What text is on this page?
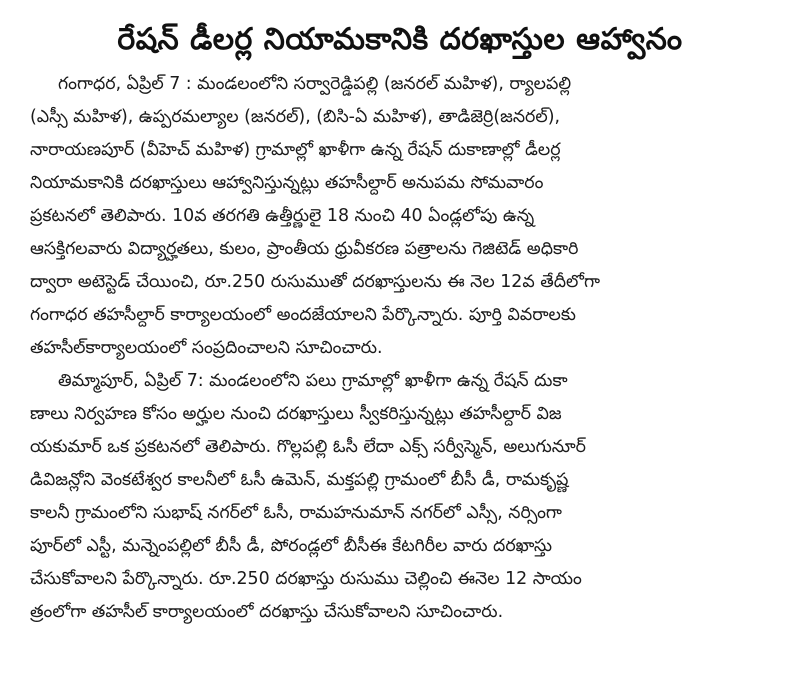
రేషన్ డీలర్ల నియామకానికి దరఖాస్తుల ఆహ్వానం
గంగాధర, ఏప్రిల్ 7 : మండలంలోని సర్వారెడ్డిపల్లి (జనరల్ మహిళ), ర్యాలపల్లి
(ఎస్సీ మహిళ), ఉప్పరమల్యాల (జనరల్), (బిసి-ఏ మహిళ), తాడిజెర్రి(జనరల్),
నారాయణపూర్ (వీహెచ్ మహిళ) గ్రామాల్లో ఖాళీగా ఉన్న రేషన్ దుకాణాల్లో డీలర్ల
నియామకానికి దరఖాస్తులు ఆహ్వానిస్తున్నట్లు తహసీల్దార్ అనుపమ సోమవారం
ప్రకటనలో తెలిపారు. 10వ తరగతి ఉత్తీర్ణులై 18 నుంచి 40 ఏండ్లలోపు ఉన్న
ఆసక్తిగలవారు విద్యార్హతలు, కులం, ప్రాంతీయ ధ్రువీకరణ పత్రాలను గెజిటెడ్ అధికారి
ద్వారా అటెస్టెడ్ చేయించి, రూ.250 రుసుముతో దరఖాస్తులను ఈ నెల 12వ తేదీలోగా
గంగాధర తహసీల్దార్ కార్యాలయంలో అందజేయాలని పేర్కొన్నారు. పూర్తి వివరాలకు
తహసీల్‌కార్యాలయంలో సంప్రదించాలని సూచించారు.
తిమ్మాపూర్, ఏప్రిల్ 7: మండలంలోని పలు గ్రామాల్లో ఖాళీగా ఉన్న రేషన్ దుకా
ణాలు నిర్వహణ కోసం అర్హుల నుంచి దరఖాస్తులు స్వీకరిస్తున్నట్లు తహసీల్దార్ విజ
యకుమార్ ఒక ప్రకటనలో తెలిపారు. గొల్లపల్లి ఓసీ లేదా ఎక్స్ సర్వీస్మెన్, అలుగునూర్
డివిజన్లోని వెంకటేశ్వర కాలనీలో ఓసీ ఉమెన్, మక్తపల్లి గ్రామంలో బీసీ డీ, రామకృష్ణ
కాలనీ గ్రామంలోని సుభాష్ నగర్‌లో ఓసీ, రామహనుమాన్ నగర్‌లో ఎస్సీ, నర్సింగా
పూర్‌లో ఎస్టీ, మన్నెంపల్లిలో బీసీ డీ, పోరండ్లలో బీసీఈ కేటగిరీల వారు దరఖాస్తు
చేసుకోవాలని పేర్కొన్నారు. రూ.250 దరఖాస్తు రుసుము చెల్లించి ఈనెల 12 సాయం
త్రంలోగా తహసీల్ కార్యాలయంలో దరఖాస్తు చేసుకోవాలని సూచించారు.
